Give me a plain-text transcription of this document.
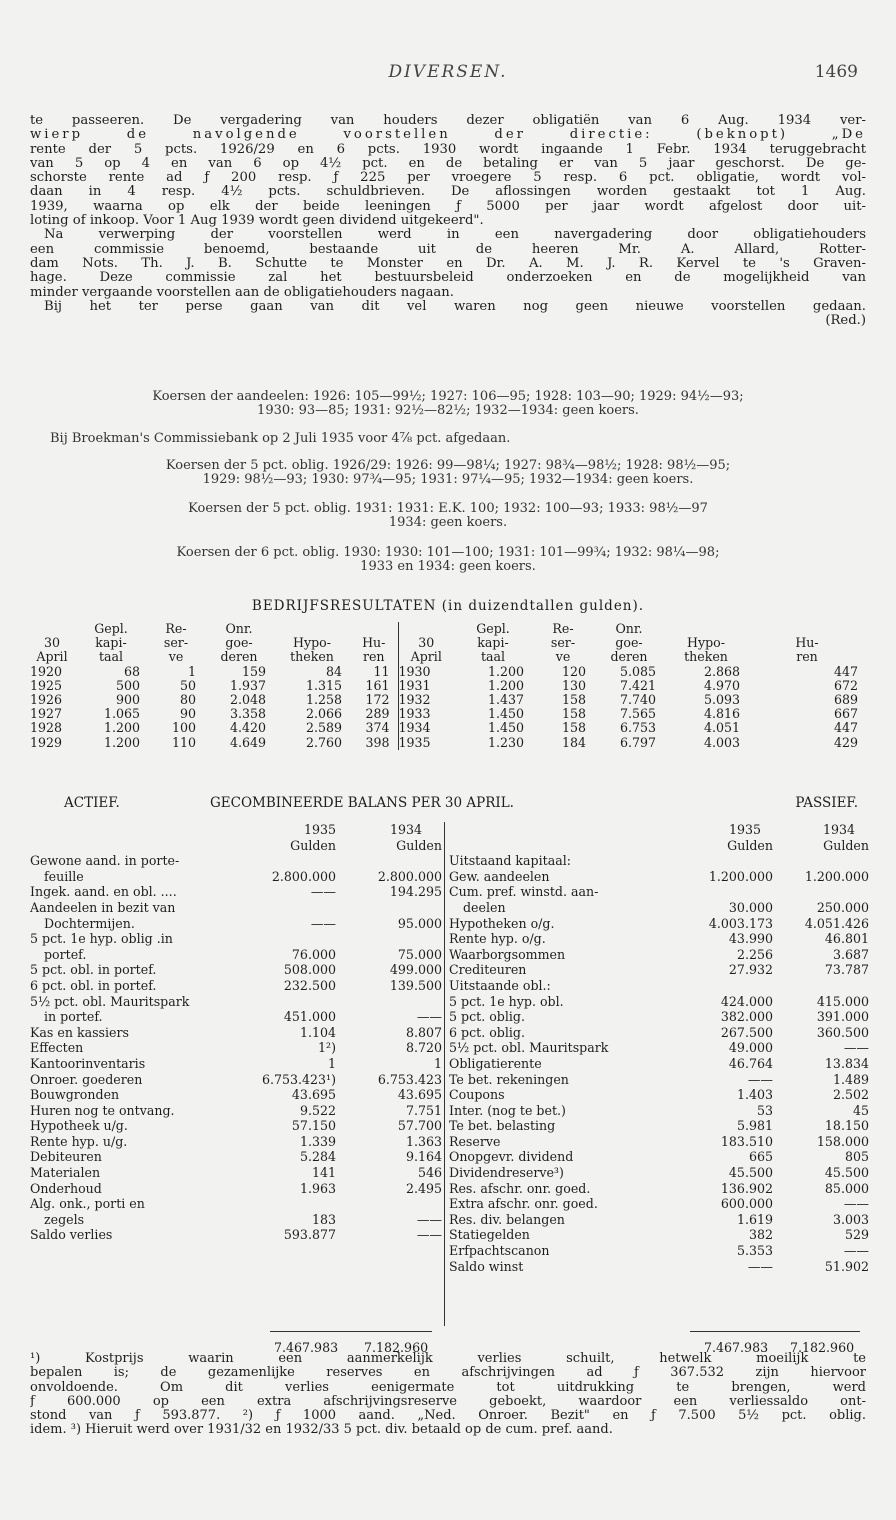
DIVERSEN.	1469

te passeeren. De vergadering van houders dezer obligatiën van 6 Aug. 1934 ver-

wierp de navolgende voorstellen der directie: (beknopt) „De

rente der 5 pcts. 1926/29 en 6 pcts. 1930 wordt ingaande 1 Febr. 1934 teruggebracht

van 5 op 4 en van 6 op 4½ pct. en de betaling er van 5 jaar geschorst. De ge-

schorste rente ad ƒ 200 resp. ƒ 225 per vroegere 5 resp. 6 pct. obligatie, wordt vol-

daan in 4 resp. 4½ pcts. schuldbrieven. De aflossingen worden gestaakt tot 1 Aug.

1939, waarna op elk der beide leeningen ƒ 5000 per jaar wordt afgelost door uit-

loting of inkoop. Voor 1 Aug 1939 wordt geen dividend uitgekeerd".

Na verwerping der voorstellen werd in een navergadering door obligatiehouders

een commissie benoemd, bestaande uit de heeren Mr. A. Allard, Rotter-

dam Nots. Th. J. B. Schutte te Monster en Dr. A. M. J. R. Kervel te 's Graven-

hage. Deze commissie zal het bestuursbeleid onderzoeken en de mogelijkheid van

minder vergaande voorstellen aan de obligatiehouders nagaan.

Bij het ter perse gaan van dit vel waren nog geen nieuwe voorstellen gedaan.

(Red.)

Koersen der aandeelen: 1926: 105—99½; 1927: 106—95; 1928: 103—90; 1929: 94½—93;

1930: 93—85; 1931: 92½—82½; 1932—1934: geen koers.

Bij Broekman's Commissiebank op 2 Juli 1935 voor 4⅞ pct. afgedaan.

Koersen der 5 pct. oblig. 1926/29: 1926: 99—98¼; 1927: 98¾—98½; 1928: 98½—95;

1929: 98½—93; 1930: 97¾—95; 1931: 97¼—95; 1932—1934: geen koers.

Koersen der 5 pct. oblig. 1931: 1931: E.K. 100; 1932: 100—93; 1933: 98½—97

1934: geen koers.

Koersen der 6 pct. oblig. 1930: 1930: 101—100; 1931: 101—99¾; 1932: 98¼—98;

1933 en 1934: geen koers.

BEDRIJFSRESULTATEN (in duizendtallen gulden).
	Gepl.	Re-	Onr.				Gepl.	Re-	Onr.		
30	kapi-	ser-	goe-	Hypo-	Hu-	30	kapi-	ser-	goe-	Hypo-	Hu-
April	taal	ve	deren	theken	ren	April	taal	ve	deren	theken	ren
1920	68	1	159	84	11	1930	1.200	120	5.085	2.868	447
1925	500	50	1.937	1.315	161	1931	1.200	130	7.421	4.970	672
1926	900	80	2.048	1.258	172	1932	1.437	158	7.740	5.093	689
1927	1.065	90	3.358	2.066	289	1933	1.450	158	7.565	4.816	667
1928	1.200	100	4.420	2.589	374	1934	1.450	158	6.753	4.051	447
1929	1.200	110	4.649	2.760	398	1935	1.230	184	6.797	4.003	429
ACTIEF.	GECOMBINEERDE BALANS PER 30 APRIL.	PASSIEF.
1935	1934
Gulden	Gulden
Gewone aand. in porte-
feuille	2.800.000	2.800.000
Ingek. aand. en obl. ....	——	194.295
Aandeelen in bezit van
Dochtermijen.	——	95.000
5 pct. 1e hyp. oblig .in
portef.	76.000	75.000
5 pct. obl. in portef.	508.000	499.000
6 pct. obl. in portef.	232.500	139.500
5½ pct. obl. Mauritspark
in portef.	451.000	——
Kas en kassiers	1.104	8.807
Effecten	1²)	8.720
Kantoorinventaris	1	1
Onroer. goederen	6.753.423¹)	6.753.423
Bouwgronden	43.695	43.695
Huren nog te ontvang.	9.522	7.751
Hypotheek u/g.	57.150	57.700
Rente hyp. u/g.	1.339	1.363
Debiteuren	5.284	9.164
Materialen	141	546
Onderhoud	1.963	2.495
Alg. onk., porti en
zegels	183	——
Saldo verlies	593.877	——
1935	1934
Gulden	Gulden
Uitstaand kapitaal:
Gew. aandeelen	1.200.000	1.200.000
Cum. pref. winstd. aan-
deelen	30.000	250.000
Hypotheken o/g.	4.003.173	4.051.426
Rente hyp. o/g.	43.990	46.801
Waarborgsommen	2.256	3.687
Crediteuren	27.932	73.787
Uitstaande obl.:
5 pct. 1e hyp. obl.	424.000	415.000
5 pct. oblig.	382.000	391.000
6 pct. oblig.	267.500	360.500
5½ pct. obl. Mauritspark	49.000	——
Obligatierente	46.764	13.834
Te bet. rekeningen	——	1.489
Coupons	1.403	2.502
Inter. (nog te bet.)	53	45
Te bet. belasting	5.981	18.150
Reserve	183.510	158.000
Onopgevr. dividend	665	805
Dividendreserve³)	45.500	45.500
Res. afschr. onr. goed.	136.902	85.000
Extra afschr. onr. goed.	600.000	——
Res. div. belangen	1.619	3.003
Statiegelden	382	529
Erfpachtscanon	5.353	——
Saldo winst	——	51.902
7.467.983 7.182.960	7.467.983 7.182.960

¹) Kostprijs waarin een aanmerkelijk verlies schuilt, hetwelk moeilijk te

bepalen is; de gezamenlijke reserves en afschrijvingen ad ƒ 367.532 zijn hiervoor

onvoldoende. Om dit verlies eenigermate tot uitdrukking te brengen, werd

ƒ 600.000 op een extra afschrijvingsreserve geboekt, waardoor een verliessaldo ont-

stond van ƒ 593.877. ²) ƒ 1000 aand. „Ned. Onroer. Bezit" en ƒ 7.500 5½ pct. oblig.

idem. ³) Hieruit werd over 1931/32 en 1932/33 5 pct. div. betaald op de cum. pref. aand.
